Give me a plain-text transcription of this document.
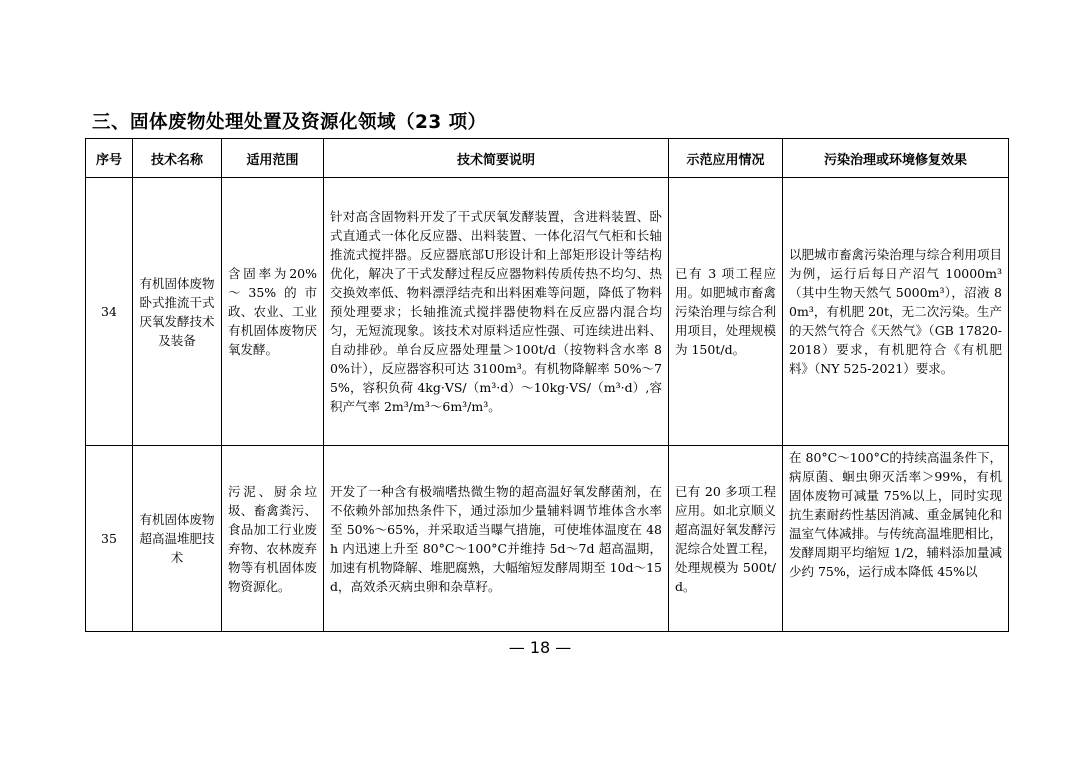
三、固体废物处理处置及资源化领域（23 项）
序号	技术名称	适用范围	技术简要说明	示范应用情况	污染治理或环境修复效果
34	有机固体废物卧式推流干式厌氧发酵技术及装备	含固率为20%～35%的市政、农业、工业有机固体废物厌氧发酵。	针对高含固物料开发了干式厌氧发酵装置，含进料装置、卧式直通式一体化反应器、出料装置、一体化沼气气柜和长轴推流式搅拌器。反应器底部U形设计和上部矩形设计等结构优化，解决了干式发酵过程反应器物料传质传热不均匀、热交换效率低、物料漂浮结壳和出料困难等问题，降低了物料预处理要求；长轴推流式搅拌器使物料在反应器内混合均匀，无短流现象。该技术对原料适应性强、可连续进出料、自动排砂。单台反应器处理量＞100t/d（按物料含水率 80%计），反应器容积可达 3100m³。有机物降解率 50%～75%，容积负荷 4kg·VS/（m³·d）～10kg·VS/（m³·d）,容积产气率 2m³/m³～6m³/m³。	已有 3 项工程应用。如肥城市畜禽污染治理与综合利用项目，处理规模为 150t/d。	以肥城市畜禽污染治理与综合利用项目为例，运行后每日产沼气 10000m³（其中生物天然气 5000m³），沼液 80m³，有机肥 20t，无二次污染。生产的天然气符合《天然气》（GB 17820-2018）要求，有机肥符合《有机肥料》（NY 525-2021）要求。

35	有机固体废物超高温堆肥技术	污泥、厨余垃圾、畜禽粪污、食品加工行业废弃物、农林废弃物等有机固体废物资源化。	开发了一种含有极端嗜热微生物的超高温好氧发酵菌剂，在不依赖外部加热条件下，通过添加少量辅料调节堆体含水率至 50%～65%，并采取适当曝气措施，可使堆体温度在 48h 内迅速上升至 80°C～100°C并维持 5d～7d 超高温期，加速有机物降解、堆肥腐熟，大幅缩短发酵周期至 10d～15d，高效杀灭病虫卵和杂草籽。	已有 20 多项工程应用。如北京顺义超高温好氧发酵污泥综合处置工程，处理规模为 500t/d。	在 80°C～100°C的持续高温条件下，病原菌、蛔虫卵灭活率＞99%，有机固体废物可减量 75%以上，同时实现抗生素耐药性基因消减、重金属钝化和温室气体减排。与传统高温堆肥相比，发酵周期平均缩短 1/2，辅料添加量减少约 75%，运行成本降低 45%以
— 18 —
